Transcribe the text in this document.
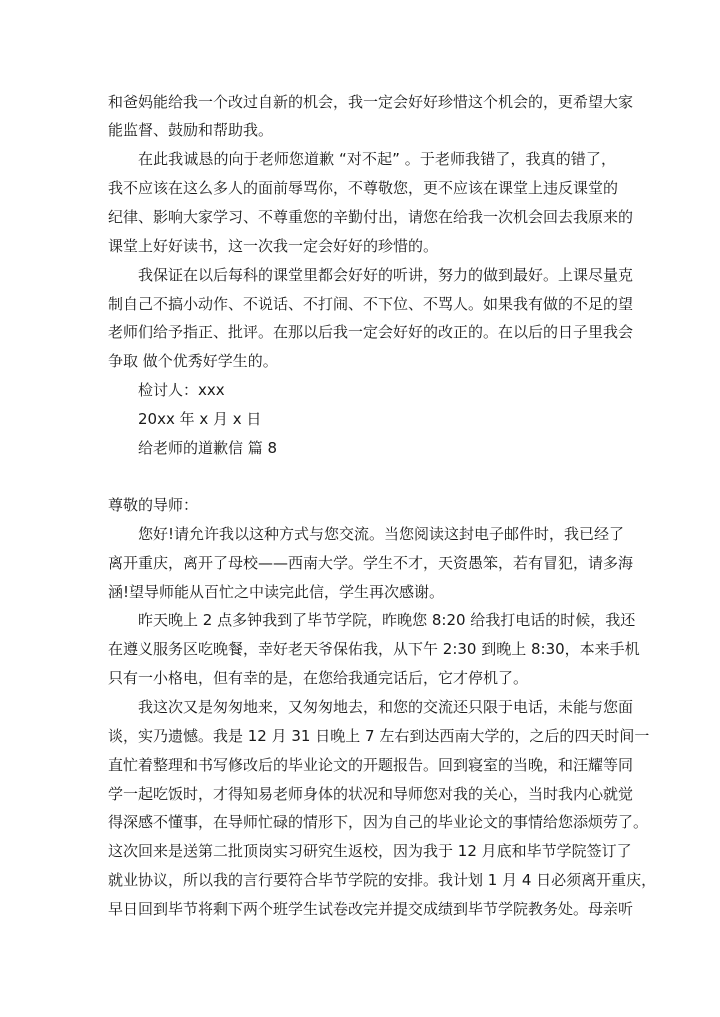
和爸妈能给我一个改过自新的机会，我一定会好好珍惜这个机会的，更希望大家
能监督、鼓励和帮助我。
在此我诚恳的向于老师您道歉 “对不起” 。于老师我错了，我真的错了，
我不应该在这么多人的面前辱骂你，不尊敬您，更不应该在课堂上违反课堂的
纪律、影响大家学习、不尊重您的辛勤付出，请您在给我一次机会回去我原来的
课堂上好好读书，这一次我一定会好好的珍惜的。
我保证在以后每科的课堂里都会好好的听讲，努力的做到最好。上课尽量克
制自己不搞小动作、不说话、不打闹、不下位、不骂人。如果我有做的不足的望
老师们给予指正、批评。在那以后我一定会好好的改正的。在以后的日子里我会
争取 做个优秀好学生的。
检讨人：xxx
20xx 年 x 月 x 日
给老师的道歉信 篇 8
尊敬的导师：
您好!请允许我以这种方式与您交流。当您阅读这封电子邮件时，我已经了
离开重庆，离开了母校——西南大学。学生不才，天资愚笨，若有冒犯，请多海
涵!望导师能从百忙之中读完此信，学生再次感谢。
昨天晚上 2 点多钟我到了毕节学院，昨晚您 8:20 给我打电话的时候，我还
在遵义服务区吃晚餐，幸好老天爷保佑我，从下午 2:30 到晚上 8:30，本来手机
只有一小格电，但有幸的是，在您给我通完话后，它才停机了。
我这次又是匆匆地来，又匆匆地去，和您的交流还只限于电话，未能与您面
谈，实乃遗憾。我是 12 月 31 日晚上 7 左右到达西南大学的，之后的四天时间一
直忙着整理和书写修改后的毕业论文的开题报告。回到寝室的当晚，和汪耀等同
学一起吃饭时，才得知易老师身体的状况和导师您对我的关心，当时我内心就觉
得深感不懂事，在导师忙碌的情形下，因为自己的毕业论文的事情给您添烦劳了。
这次回来是送第二批顶岗实习研究生返校，因为我于 12 月底和毕节学院签订了
就业协议，所以我的言行要符合毕节学院的安排。我计划 1 月 4 日必须离开重庆，
早日回到毕节将剩下两个班学生试卷改完并提交成绩到毕节学院教务处。母亲听
